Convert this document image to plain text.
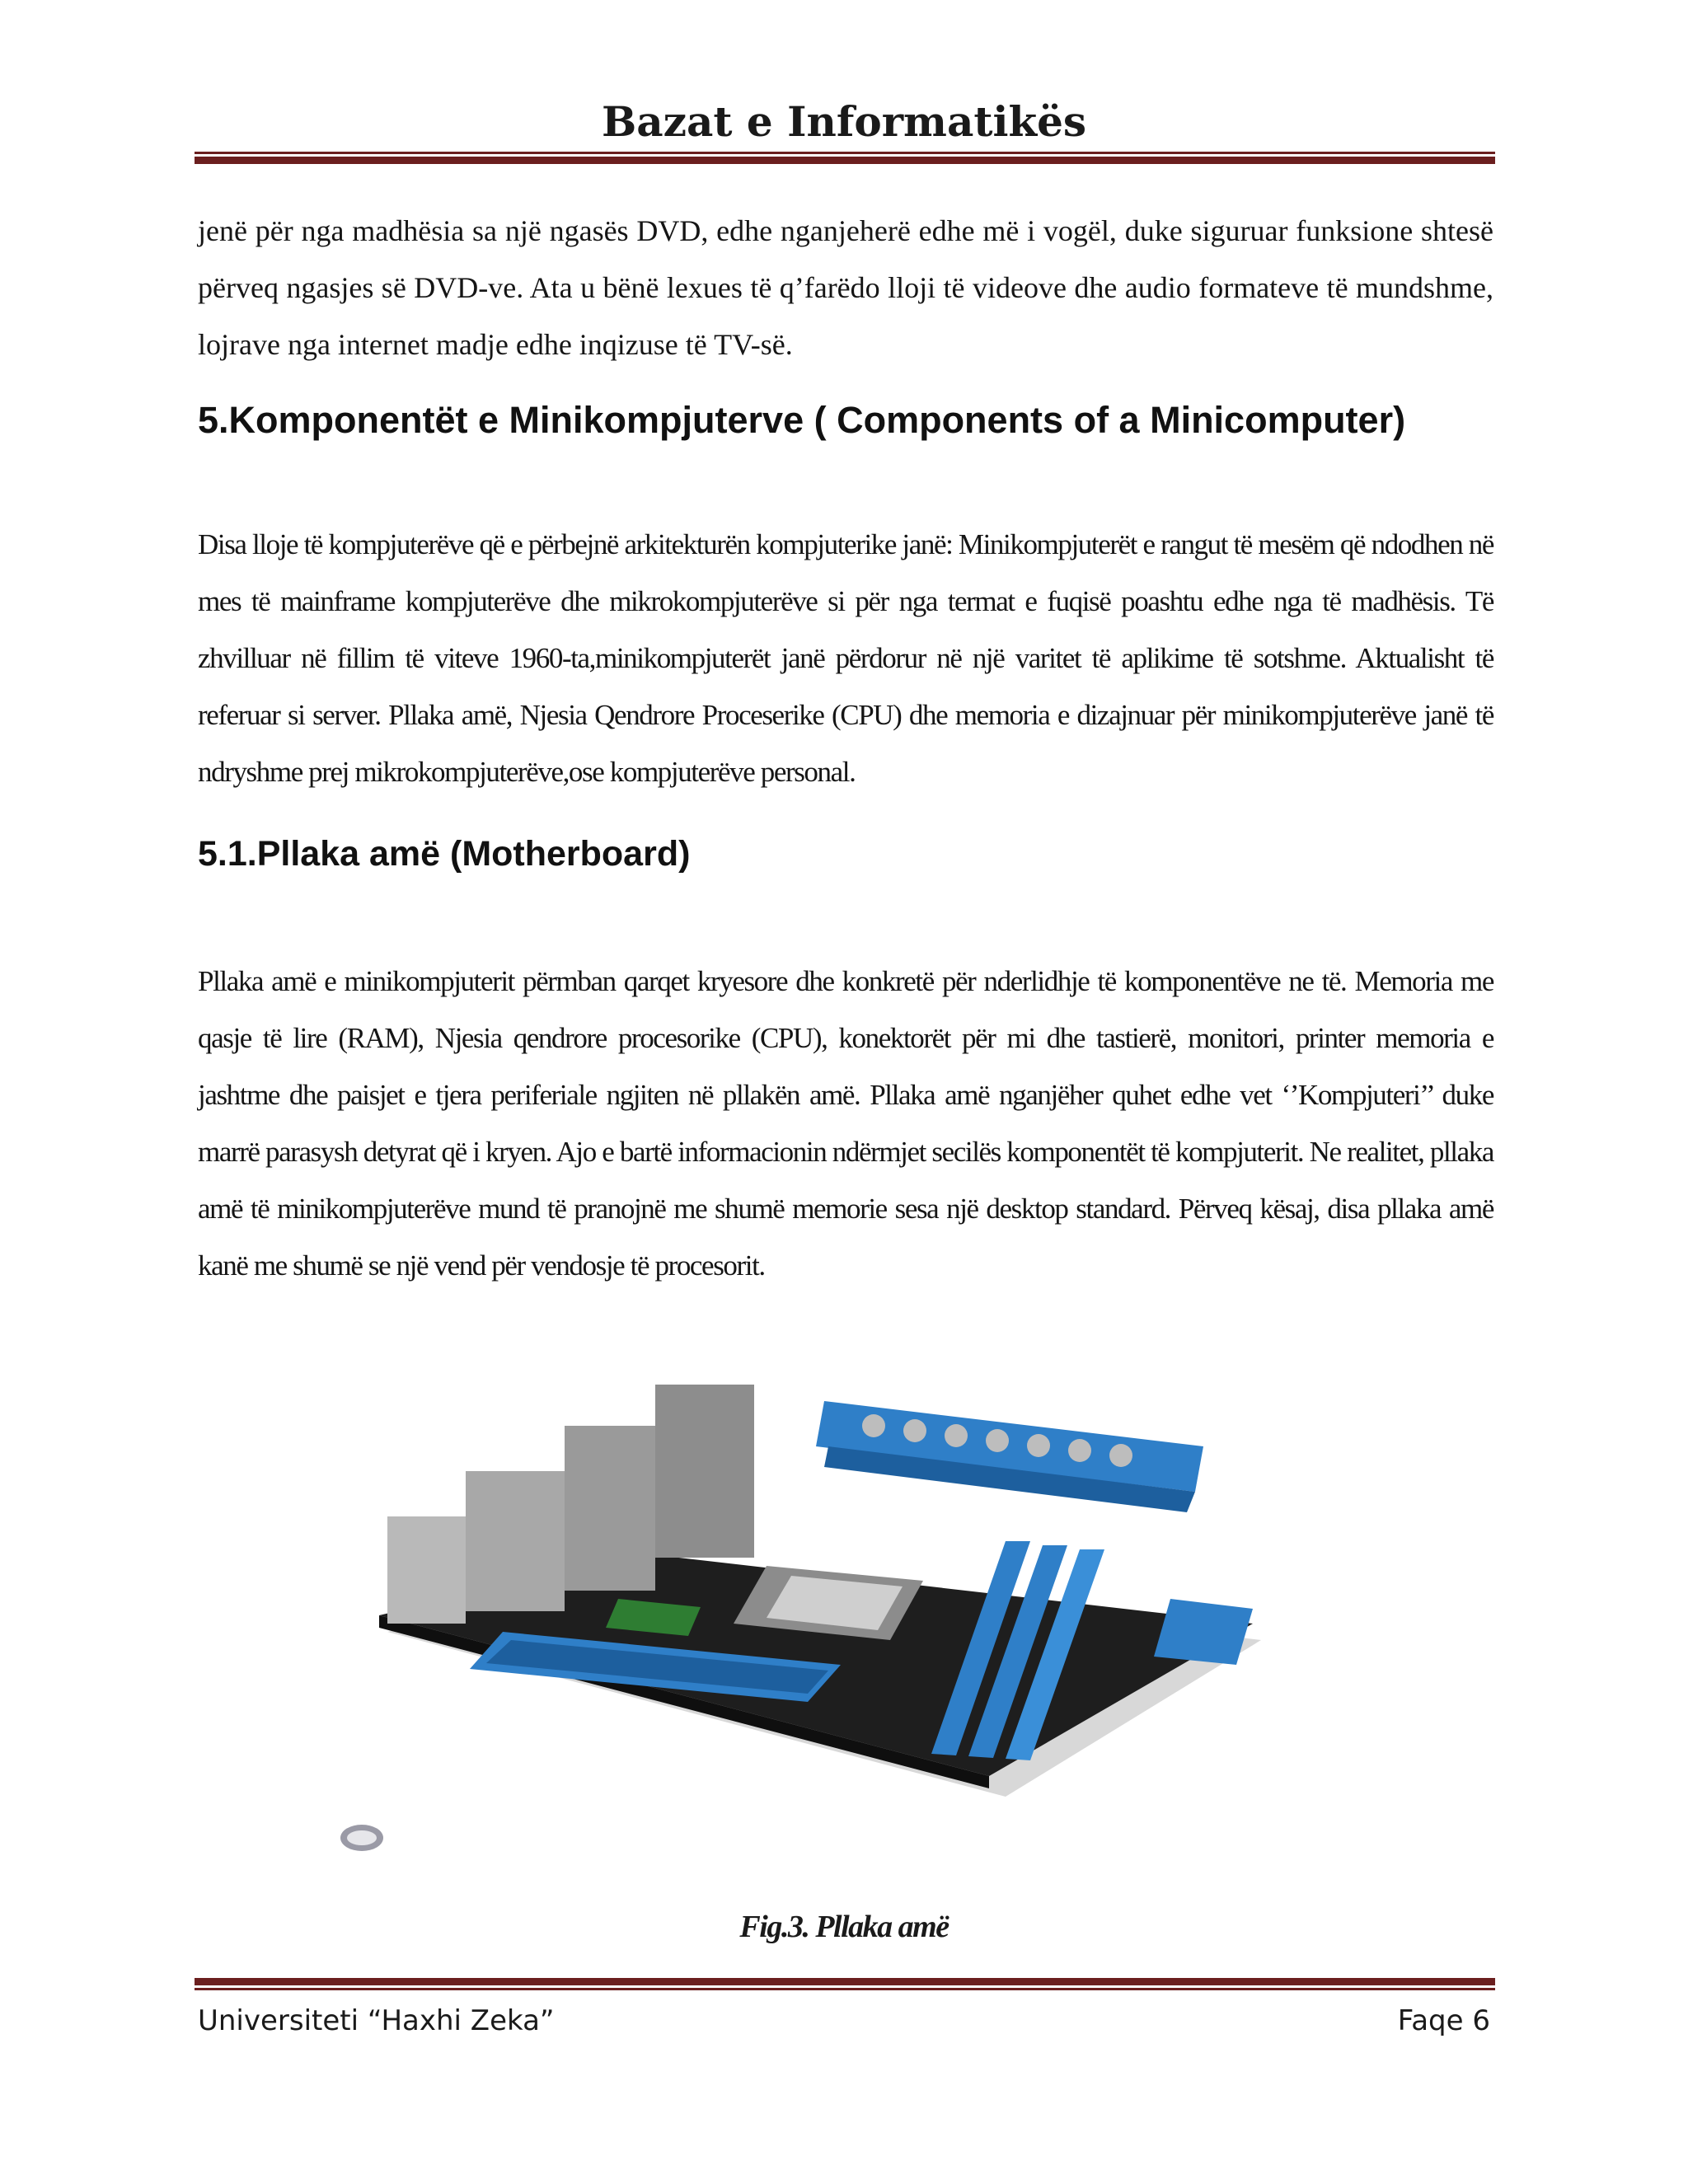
Bazat e Informatikës
jenë për nga madhësia sa një ngasës DVD, edhe nganjeherë edhe më i vogël, duke siguruar funksione shtesë përveq ngasjes së DVD-ve. Ata u bënë lexues të q’farëdo lloji të videove dhe audio formateve të mundshme, lojrave nga internet madje edhe inqizuse të TV-së.
5.Komponentët e Minikompjuterve ( Components of a Minicomputer)
Disa lloje të kompjuterëve që e përbejnë arkitekturën kompjuterike janë: Minikompjuterët e rangut të mesëm që ndodhen në mes të mainframe kompjuterëve dhe mikrokompjuterëve si për nga termat e fuqisë poashtu edhe nga të madhësis. Të zhvilluar në fillim të viteve 1960-ta,minikompjuterët janë përdorur në një varitet të aplikime të sotshme. Aktualisht të referuar si server. Pllaka amë, Njesia Qendrore Proceserike (CPU) dhe memoria e dizajnuar për minikompjuterëve janë të ndryshme prej mikrokompjuterëve,ose kompjuterëve personal.
5.1.Pllaka amë (Motherboard)
Pllaka amë e minikompjuterit përmban qarqet kryesore dhe konkretë për nderlidhje të komponentëve ne të. Memoria me qasje të lire (RAM), Njesia qendrore procesorike (CPU), konektorët për mi dhe tastierë, monitori, printer memoria e jashtme dhe paisjet e tjera periferiale ngjiten në pllakën amë. Pllaka amë nganjëher quhet edhe vet ‘’Kompjuteri’’ duke marrë parasysh detyrat që i kryen. Ajo e bartë informacionin ndërmjet secilës komponentët të kompjuterit. Ne realitet, pllaka amë të minikompjuterëve mund të pranojnë me shumë memorie sesa një desktop standard. Përveq kësaj, disa pllaka amë kanë me shumë se një vend për vendosje të procesorit.
Fig.3. Pllaka amë
Universiteti “Haxhi Zeka”	Faqe 6
